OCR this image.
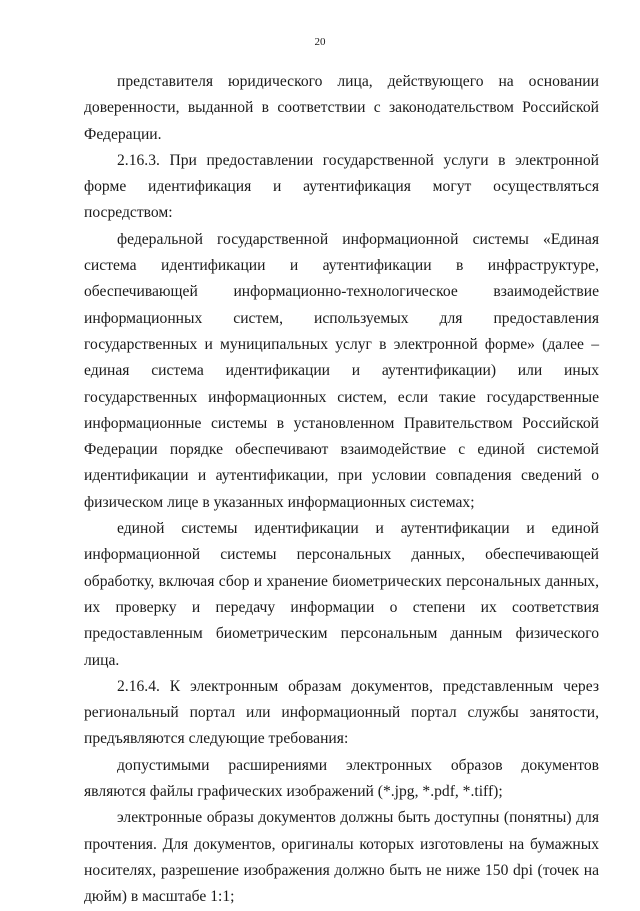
20

представителя юридического лица, действующего на основании доверенности, выданной в соответствии с законодательством Российской Федерации.

2.16.3. При предоставлении государственной услуги в электронной форме идентификация и аутентификация могут осуществляться посредством:

федеральной государственной информационной системы «Единая система идентификации и аутентификации в инфраструктуре, обеспечивающей информационно-технологическое взаимодействие информационных систем, используемых для предоставления государственных и муниципальных услуг в электронной форме» (далее – единая система идентификации и аутентификации) или иных государственных информационных систем, если такие государственные информационные системы в установленном Правительством Российской Федерации порядке обеспечивают взаимодействие с единой системой идентификации и аутентификации, при условии совпадения сведений о физическом лице в указанных информационных системах;

единой системы идентификации и аутентификации и единой информационной системы персональных данных, обеспечивающей обработку, включая сбор и хранение биометрических персональных данных, их проверку и передачу информации о степени их соответствия предоставленным биометрическим персональным данным физического лица.

2.16.4. К электронным образам документов, представленным через региональный портал или информационный портал службы занятости, предъявляются следующие требования:

допустимыми расширениями электронных образов документов являются файлы графических изображений (*.jpg, *.pdf, *.tiff);

электронные образы документов должны быть доступны (понятны) для прочтения. Для документов, оригиналы которых изготовлены на бумажных носителях, разрешение изображения должно быть не ниже 150 dpi (точек на дюйм) в масштабе 1:1;
